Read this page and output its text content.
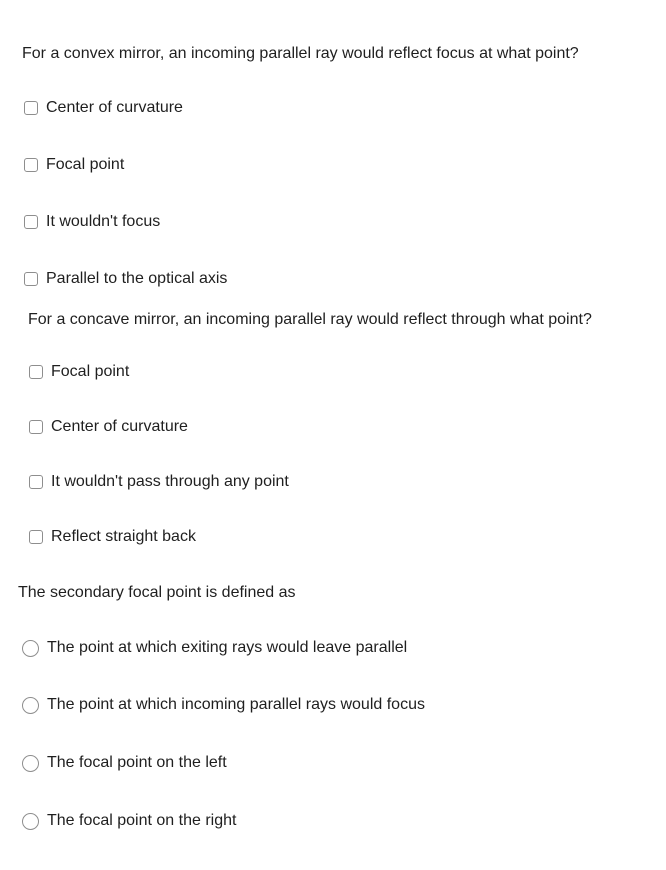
For a convex mirror, an incoming parallel ray would reflect focus at what point?
Center of curvature
Focal point
It wouldn't focus
Parallel to the optical axis
For a concave mirror, an incoming parallel ray would reflect through what point?
Focal point
Center of curvature
It wouldn't pass through any point
Reflect straight back
The secondary focal point is defined as
The point at which exiting rays would leave parallel
The point at which incoming parallel rays would focus
The focal point on the left
The focal point on the right
